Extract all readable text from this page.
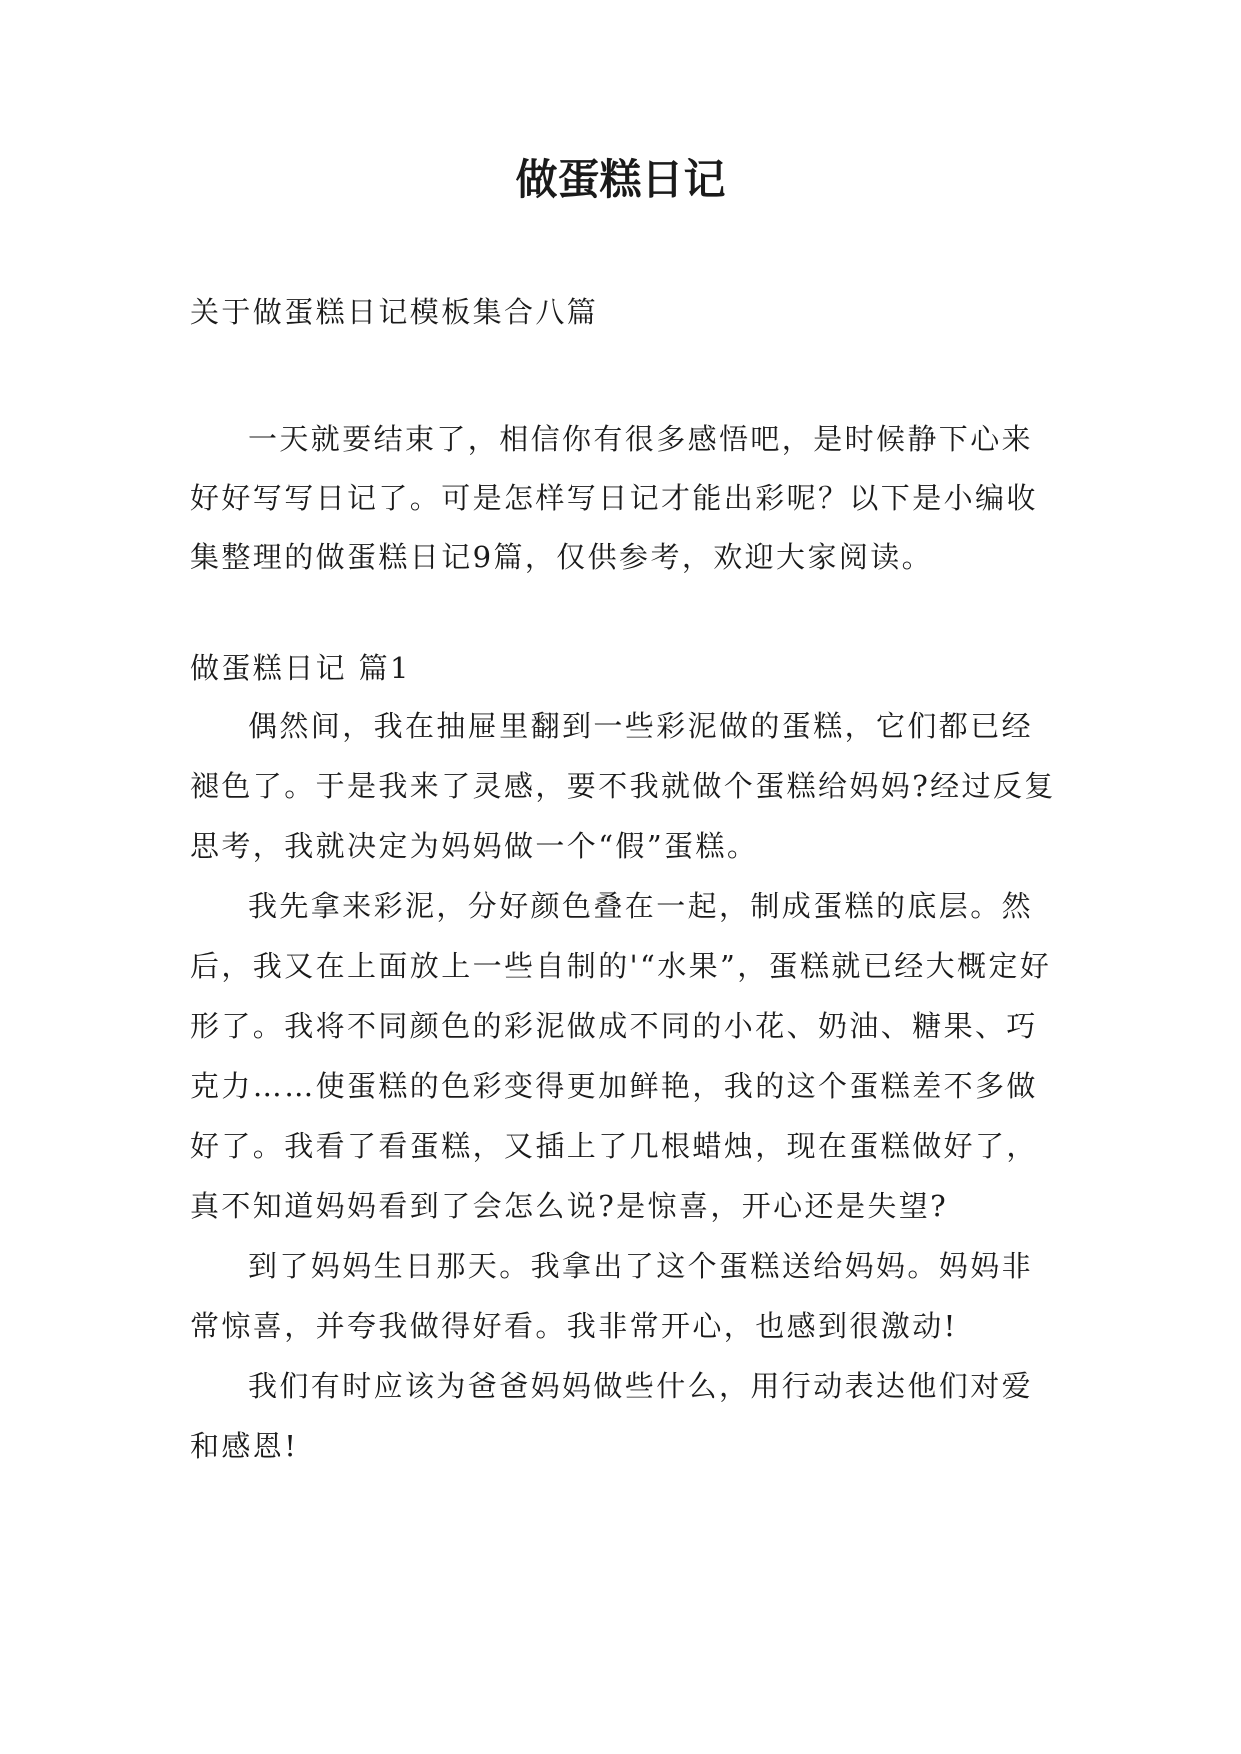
做蛋糕日记

关于做蛋糕日记模板集合八篇

一天就要结束了，相信你有很多感悟吧，是时候静下心来好好写写日记了。可是怎样写日记才能出彩呢？以下是小编收集整理的做蛋糕日记9篇，仅供参考，欢迎大家阅读。

做蛋糕日记 篇1

偶然间，我在抽屉里翻到一些彩泥做的蛋糕，它们都已经褪色了。于是我来了灵感，要不我就做个蛋糕给妈妈?经过反复思考，我就决定为妈妈做一个“假”蛋糕。

我先拿来彩泥，分好颜色叠在一起，制成蛋糕的底层。然后，我又在上面放上一些自制的'“水果”，蛋糕就已经大概定好形了。我将不同颜色的彩泥做成不同的小花、奶油、糖果、巧克力……使蛋糕的色彩变得更加鲜艳，我的这个蛋糕差不多做好了。我看了看蛋糕，又插上了几根蜡烛，现在蛋糕做好了，真不知道妈妈看到了会怎么说?是惊喜，开心还是失望?

到了妈妈生日那天。我拿出了这个蛋糕送给妈妈。妈妈非常惊喜，并夸我做得好看。我非常开心，也感到很激动!

我们有时应该为爸爸妈妈做些什么，用行动表达他们对爱和感恩!
